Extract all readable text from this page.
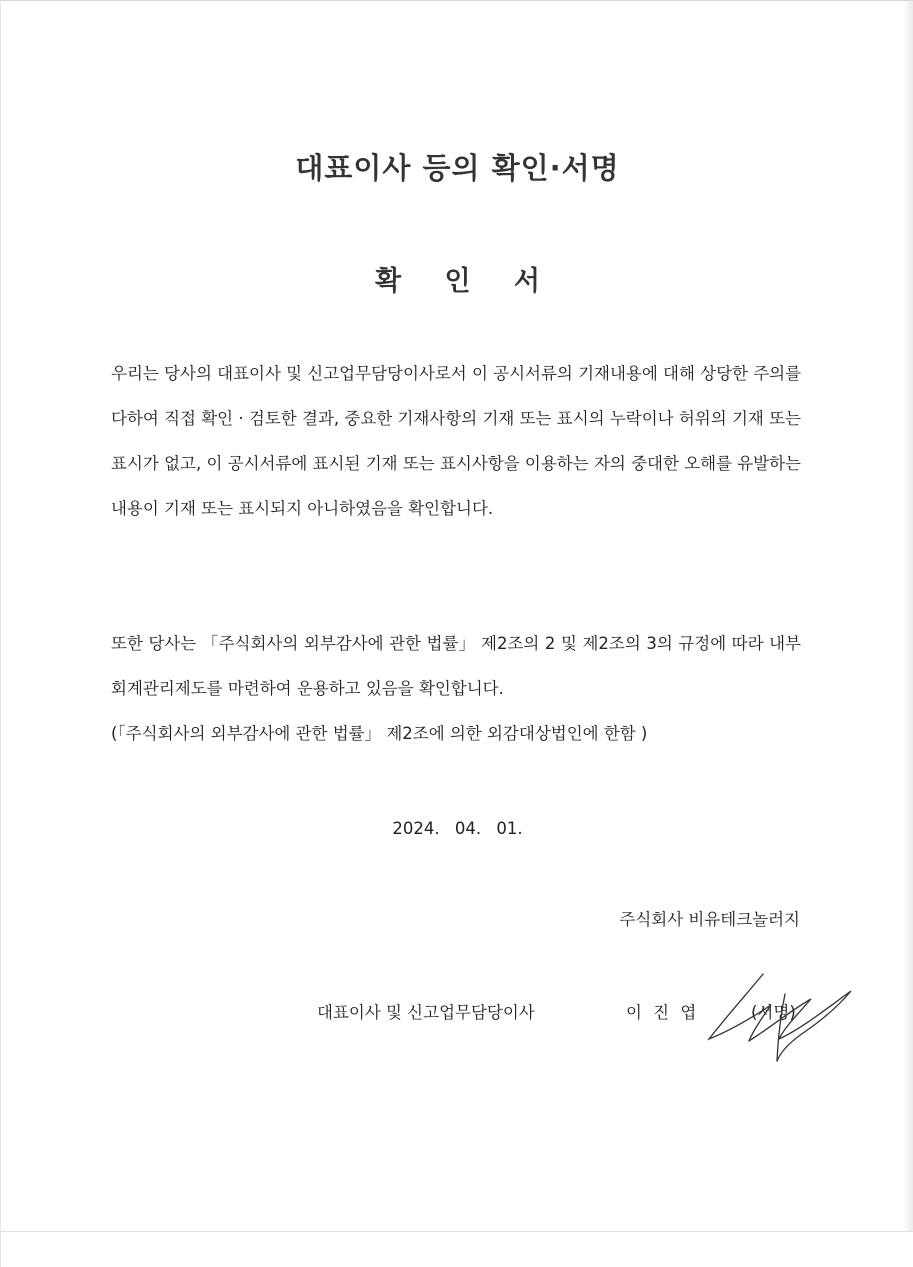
대표이사 등의 확인·서명
확 인 서
우리는 당사의 대표이사 및 신고업무담당이사로서 이 공시서류의 기재내용에 대해 상당한 주의를 다하여 직접 확인 · 검토한 결과, 중요한 기재사항의 기재 또는 표시의 누락이나 허위의 기재 또는 표시가 없고, 이 공시서류에 표시된 기재 또는 표시사항을 이용하는 자의 중대한 오해를 유발하는 내용이 기재 또는 표시되지 아니하였음을 확인합니다.
또한 당사는 「주식회사의 외부감사에 관한 법률」 제2조의 2 및 제2조의 3의 규정에 따라 내부회계관리제도를 마련하여 운용하고 있음을 확인합니다.
(「주식회사의 외부감사에 관한 법률」 제2조에 의한 외감대상법인에 한함 )
2024. 04. 01.
주식회사 비유테크놀러지
대표이사 및 신고업무담당이사	이 진 엽	(서명)
